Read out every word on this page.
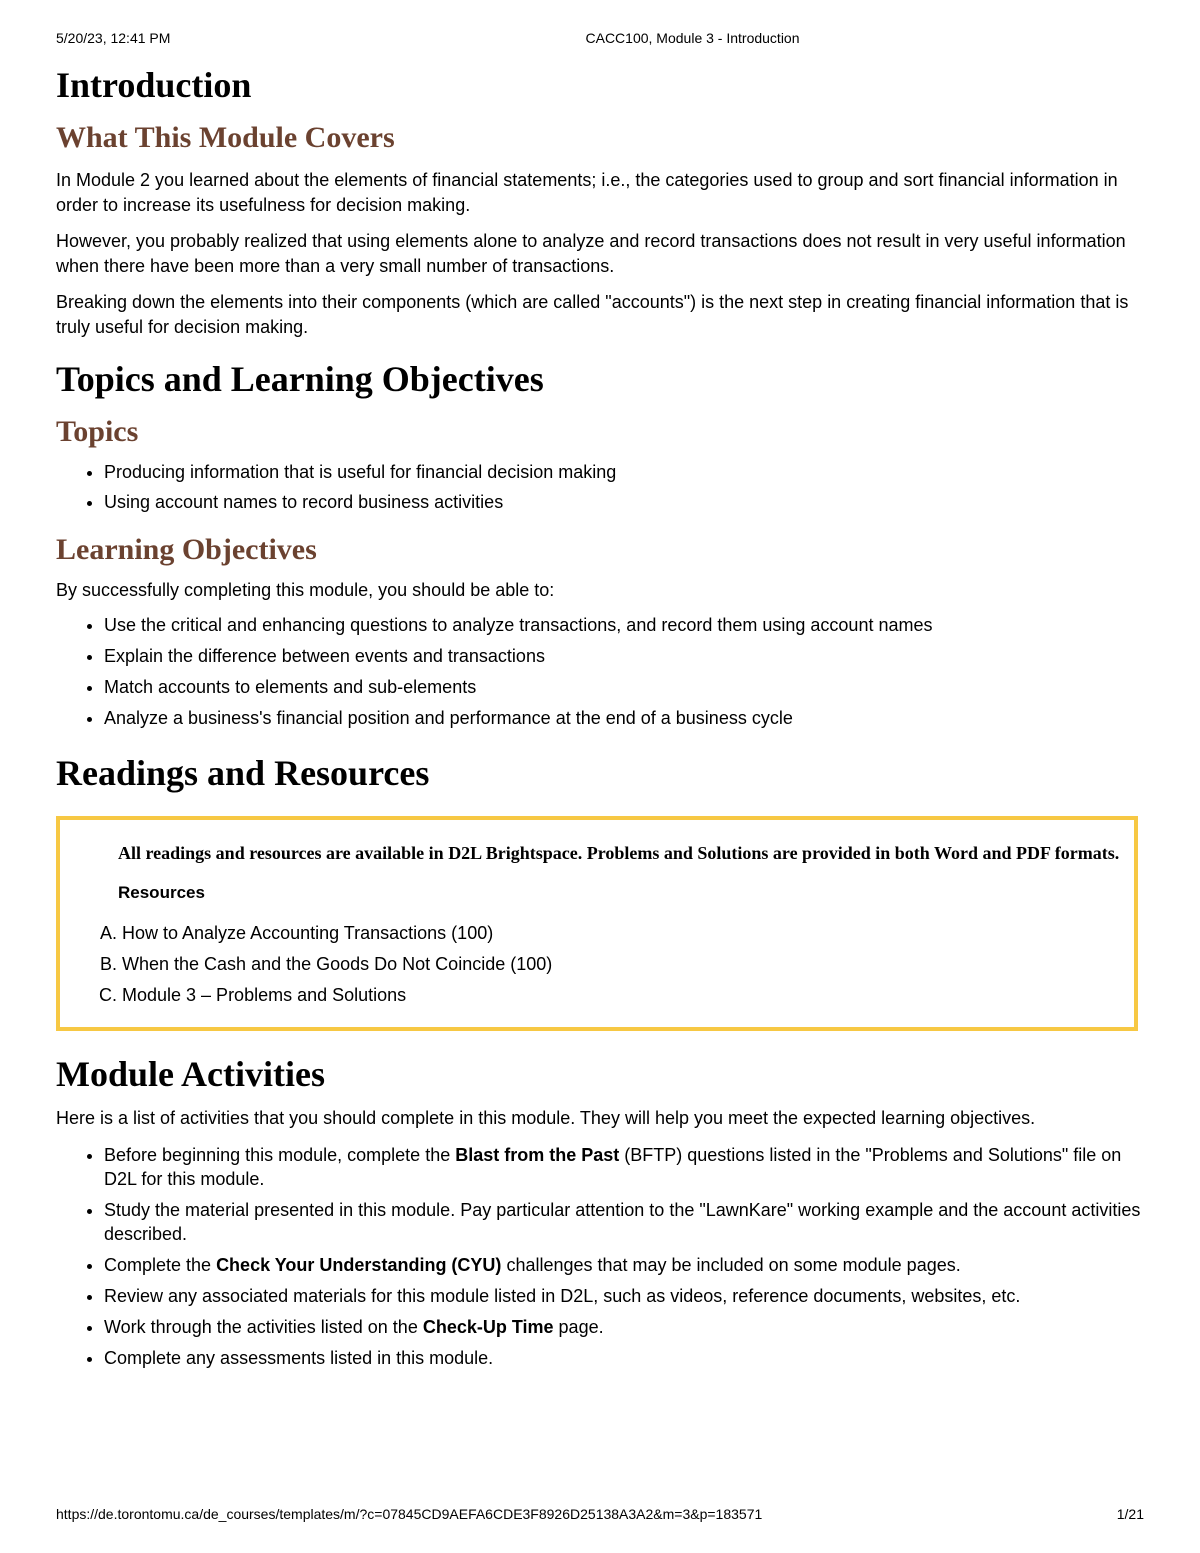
5/20/23, 12:41 PM	CACC100, Module 3 - Introduction
Introduction
What This Module Covers

In Module 2 you learned about the elements of financial statements; i.e., the categories used to group and sort financial information in order to increase its usefulness for decision making.

However, you probably realized that using elements alone to analyze and record transactions does not result in very useful information when there have been more than a very small number of transactions.

Breaking down the elements into their components (which are called "accounts") is the next step in creating financial information that is truly useful for decision making.

Topics and Learning Objectives
Topics
• Producing information that is useful for financial decision making
• Using account names to record business activities
Learning Objectives

By successfully completing this module, you should be able to:

• Use the critical and enhancing questions to analyze transactions, and record them using account names
• Explain the difference between events and transactions
• Match accounts to elements and sub-elements
• Analyze a business's financial position and performance at the end of a business cycle
Readings and Resources
All readings and resources are available in D2L Brightspace. Problems and Solutions are provided in both Word and PDF formats.
Resources
A. How to Analyze Accounting Transactions (100)
B. When the Cash and the Goods Do Not Coincide (100)
C. Module 3 – Problems and Solutions
Module Activities

Here is a list of activities that you should complete in this module. They will help you meet the expected learning objectives.

• Before beginning this module, complete the Blast from the Past (BFTP) questions listed in the "Problems and Solutions" file on D2L for this module.
• Study the material presented in this module. Pay particular attention to the "LawnKare" working example and the account activities described.
• Complete the Check Your Understanding (CYU) challenges that may be included on some module pages.
• Review any associated materials for this module listed in D2L, such as videos, reference documents, websites, etc.
• Work through the activities listed on the Check-Up Time page.
• Complete any assessments listed in this module.
https://de.torontomu.ca/de_courses/templates/m/?c=07845CD9AEFA6CDE3F8926D25138A3A2&m=3&p=183571	1/21
